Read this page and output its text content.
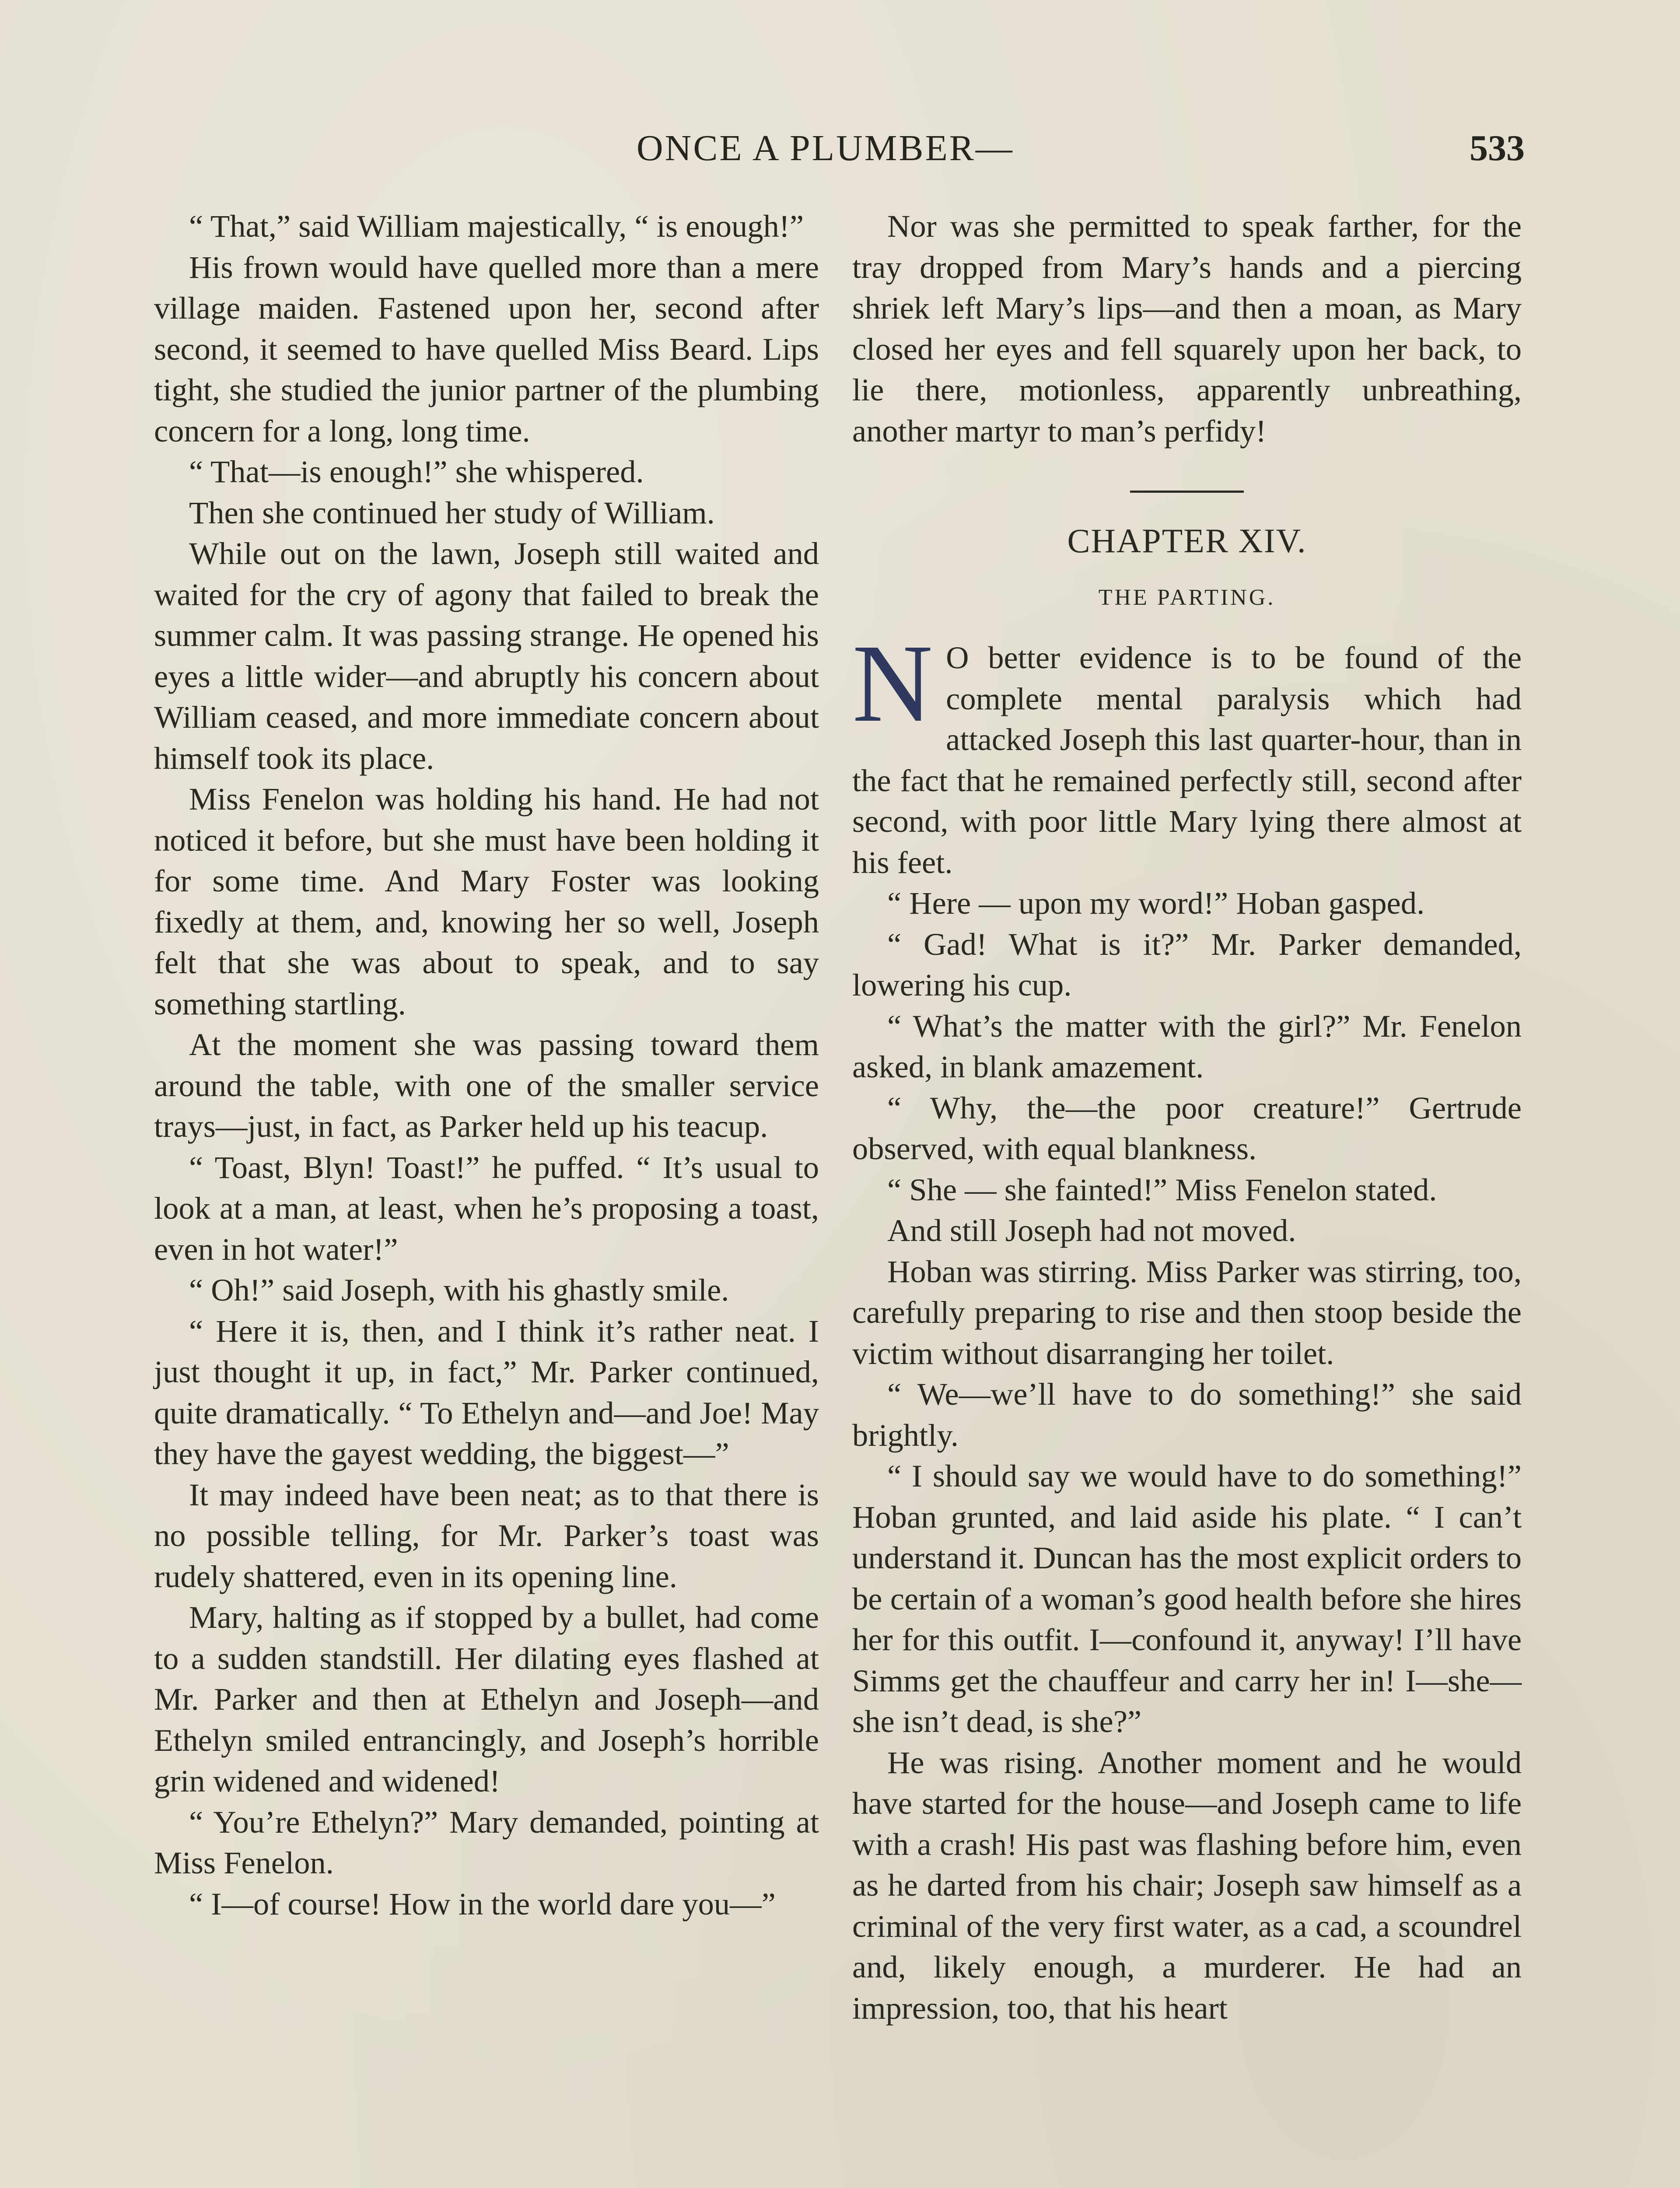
ONCE A PLUMBER—	533

“ That,” said William majestically, “ is enough!”

His frown would have quelled more than a mere village maiden. Fastened upon her, second after second, it seemed to have quelled Miss Beard. Lips tight, she studied the junior partner of the plumbing concern for a long, long time.

“ That—is enough!” she whispered.

Then she continued her study of William.

While out on the lawn, Joseph still waited and waited for the cry of agony that failed to break the summer calm. It was passing strange. He opened his eyes a little wider—and abruptly his concern about William ceased, and more immediate concern about himself took its place.

Miss Fenelon was holding his hand. He had not noticed it before, but she must have been holding it for some time. And Mary Foster was looking fixedly at them, and, knowing her so well, Joseph felt that she was about to speak, and to say something startling.

At the moment she was passing toward them around the table, with one of the smaller service trays—just, in fact, as Parker held up his teacup.

“ Toast, Blyn! Toast!” he puffed. “ It’s usual to look at a man, at least, when he’s proposing a toast, even in hot water!”

“ Oh!” said Joseph, with his ghastly smile.

“ Here it is, then, and I think it’s rather neat. I just thought it up, in fact,” Mr. Parker continued, quite dramatically. “ To Ethelyn and—and Joe! May they have the gayest wedding, the biggest—”

It may indeed have been neat; as to that there is no possible telling, for Mr. Parker’s toast was rudely shattered, even in its opening line.

Mary, halting as if stopped by a bullet, had come to a sudden standstill. Her dilating eyes flashed at Mr. Parker and then at Ethelyn and Joseph—and Ethelyn smiled entrancingly, and Joseph’s horrible grin widened and widened!

“ You’re Ethelyn?” Mary demanded, pointing at Miss Fenelon.

“ I—of course! How in the world dare you—”

Nor was she permitted to speak farther, for the tray dropped from Mary’s hands and a piercing shriek left Mary’s lips—and then a moan, as Mary closed her eyes and fell squarely upon her back, to lie there, motionless, apparently unbreathing, another martyr to man’s perfidy!

CHAPTER XIV.
THE PARTING.

N O better evidence is to be found of the complete mental paralysis which had attacked Joseph this last quarter-hour, than in the fact that he remained perfectly still, second after second, with poor little Mary lying there almost at his feet.

“ Here — upon my word!” Hoban gasped.

“ Gad! What is it?” Mr. Parker demanded, lowering his cup.

“ What’s the matter with the girl?” Mr. Fenelon asked, in blank amazement.

“ Why, the—the poor creature!” Gertrude observed, with equal blankness.

“ She — she fainted!” Miss Fenelon stated.

And still Joseph had not moved.

Hoban was stirring. Miss Parker was stirring, too, carefully preparing to rise and then stoop beside the victim without disarranging her toilet.

“ We—we’ll have to do something!” she said brightly.

“ I should say we would have to do something!” Hoban grunted, and laid aside his plate. “ I can’t understand it. Duncan has the most explicit orders to be certain of a woman’s good health before she hires her for this outfit. I—confound it, anyway! I’ll have Simms get the chauffeur and carry her in! I—she—she isn’t dead, is she?”

He was rising. Another moment and he would have started for the house—and Joseph came to life with a crash! His past was flashing before him, even as he darted from his chair; Joseph saw himself as a criminal of the very first water, as a cad, a scoundrel and, likely enough, a murderer. He had an impression, too, that his heart
